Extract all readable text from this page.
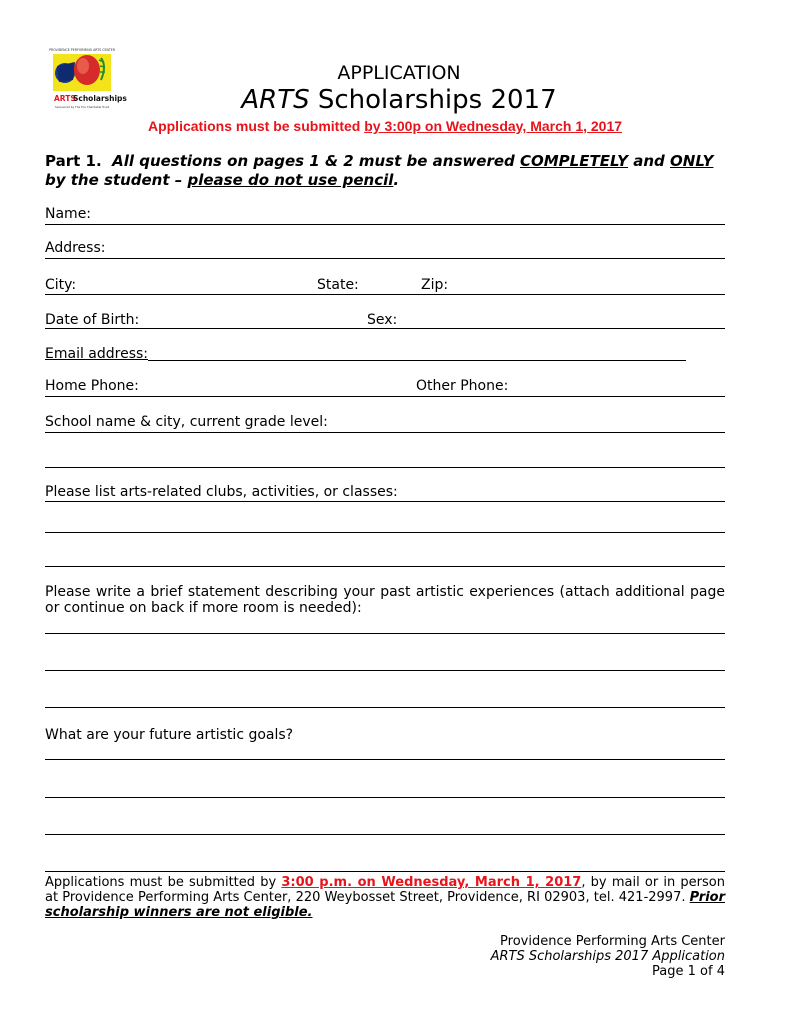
PROVIDENCE PERFORMING ARTS CENTER
ARTS
Scholarships
Sponsored by The Fox Charitable Trust
APPLICATION
ARTS Scholarships 2017
Applications must be submitted by 3:00p on Wednesday, March 1, 2017
Part 1. All questions on pages 1 & 2 must be answered COMPLETELY and ONLY by the student – please do not use pencil.
Name:
Address:
City:	State:	Zip:
Date of Birth:	Sex:
Email address:
Home Phone:	Other Phone:
School name & city, current grade level:
Please list arts-related clubs, activities, or classes:
Please write a brief statement describing your past artistic experiences (attach additional page or continue on back if more room is needed):
What are your future artistic goals?
Applications must be submitted by 3:00 p.m. on Wednesday, March 1, 2017, by mail or in person at Providence Performing Arts Center, 220 Weybosset Street, Providence, RI 02903, tel. 421-2997. Prior scholarship winners are not eligible.
Providence Performing Arts Center
ARTS Scholarships 2017 Application
Page 1 of 4
